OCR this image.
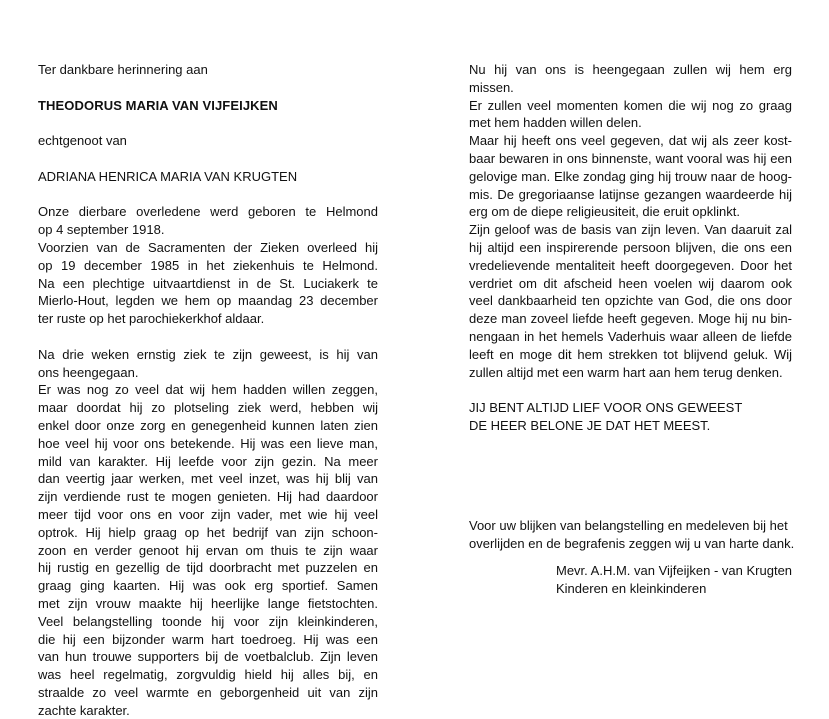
Ter dankbare herinnering aan

THEODORUS MARIA VAN VIJFEIJKEN

echtgenoot van

ADRIANA HENRICA MARIA VAN KRUGTEN

Onze dierbare overledene werd geboren te Helmond
op 4 september 1918.
Voorzien van de Sacramenten der Zieken overleed hij
op 19 december 1985 in het ziekenhuis te Helmond.
Na een plechtige uitvaartdienst in de St. Luciakerk te
Mierlo-Hout, legden we hem op maandag 23 december
ter ruste op het parochiekerkhof aldaar.
Na drie weken ernstig ziek te zijn geweest, is hij van
ons heengegaan.
Er was nog zo veel dat wij hem hadden willen zeggen,
maar doordat hij zo plotseling ziek werd, hebben wij
enkel door onze zorg en genegenheid kunnen laten zien
hoe veel hij voor ons betekende. Hij was een lieve man,
mild van karakter. Hij leefde voor zijn gezin. Na meer
dan veertig jaar werken, met veel inzet, was hij blij van
zijn verdiende rust te mogen genieten. Hij had daardoor
meer tijd voor ons en voor zijn vader, met wie hij veel
optrok. Hij hielp graag op het bedrijf van zijn schoon-
zoon en verder genoot hij ervan om thuis te zijn waar
hij rustig en gezellig de tijd doorbracht met puzzelen en
graag ging kaarten. Hij was ook erg sportief. Samen
met zijn vrouw maakte hij heerlijke lange fietstochten.
Veel belangstelling toonde hij voor zijn kleinkinderen,
die hij een bijzonder warm hart toedroeg. Hij was een
van hun trouwe supporters bij de voetbalclub. Zijn leven
was heel regelmatig, zorgvuldig hield hij alles bij, en
straalde zo veel warmte en geborgenheid uit van zijn
zachte karakter.
Nu hij van ons is heengegaan zullen wij hem erg missen.
Er zullen veel momenten komen die wij nog zo graag
met hem hadden willen delen.
Maar hij heeft ons veel gegeven, dat wij als zeer kost-
baar bewaren in ons binnenste, want vooral was hij een
gelovige man. Elke zondag ging hij trouw naar de hoog-
mis. De gregoriaanse latijnse gezangen waardeerde hij
erg om de diepe religieusiteit, die eruit opklinkt.
Zijn geloof was de basis van zijn leven. Van daaruit zal
hij altijd een inspirerende persoon blijven, die ons een
vredelievende mentaliteit heeft doorgegeven. Door het
verdriet om dit afscheid heen voelen wij daarom ook
veel dankbaarheid ten opzichte van God, die ons door
deze man zoveel liefde heeft gegeven. Moge hij nu bin-
nengaan in het hemels Vaderhuis waar alleen de liefde
leeft en moge dit hem strekken tot blijvend geluk. Wij
zullen altijd met een warm hart aan hem terug denken.

JIJ BENT ALTIJD LIEF VOOR ONS GEWEEST

DE HEER BELONE JE DAT HET MEEST.

Voor uw blijken van belangstelling en medeleven bij het

overlijden en de begrafenis zeggen wij u van harte dank.

Mevr. A.H.M. van Vijfeijken - van Krugten

Kinderen en kleinkinderen
